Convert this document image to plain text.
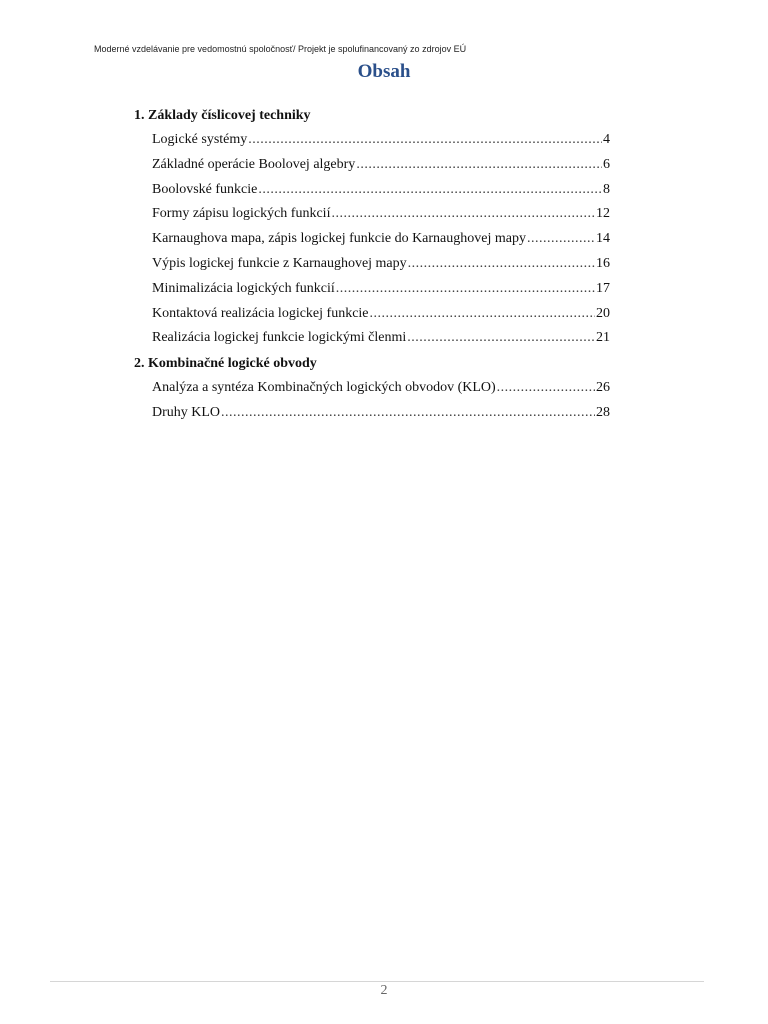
Moderné vzdelávanie pre vedomostnú spoločnosť/ Projekt je spolufinancovaný zo zdrojov EÚ
Obsah
1. Základy číslicovej techniky
Logické systémy .....	4
Základné operácie Boolovej algebry .....	6
Boolovské funkcie .....	8
Formy zápisu logických funkcií .....	12
Karnaughova mapa, zápis logickej funkcie do Karnaughovej mapy .....	14
Výpis logickej funkcie z Karnaughovej mapy .....	16
Minimalizácia logických funkcií .....	17
Kontaktová realizácia logickej funkcie .....	20
Realizácia logickej funkcie logickými členmi .....	21
2. Kombinačné logické obvody
Analýza a syntéza Kombinačných logických obvodov (KLO) .....	26
Druhy KLO .....	28
2
